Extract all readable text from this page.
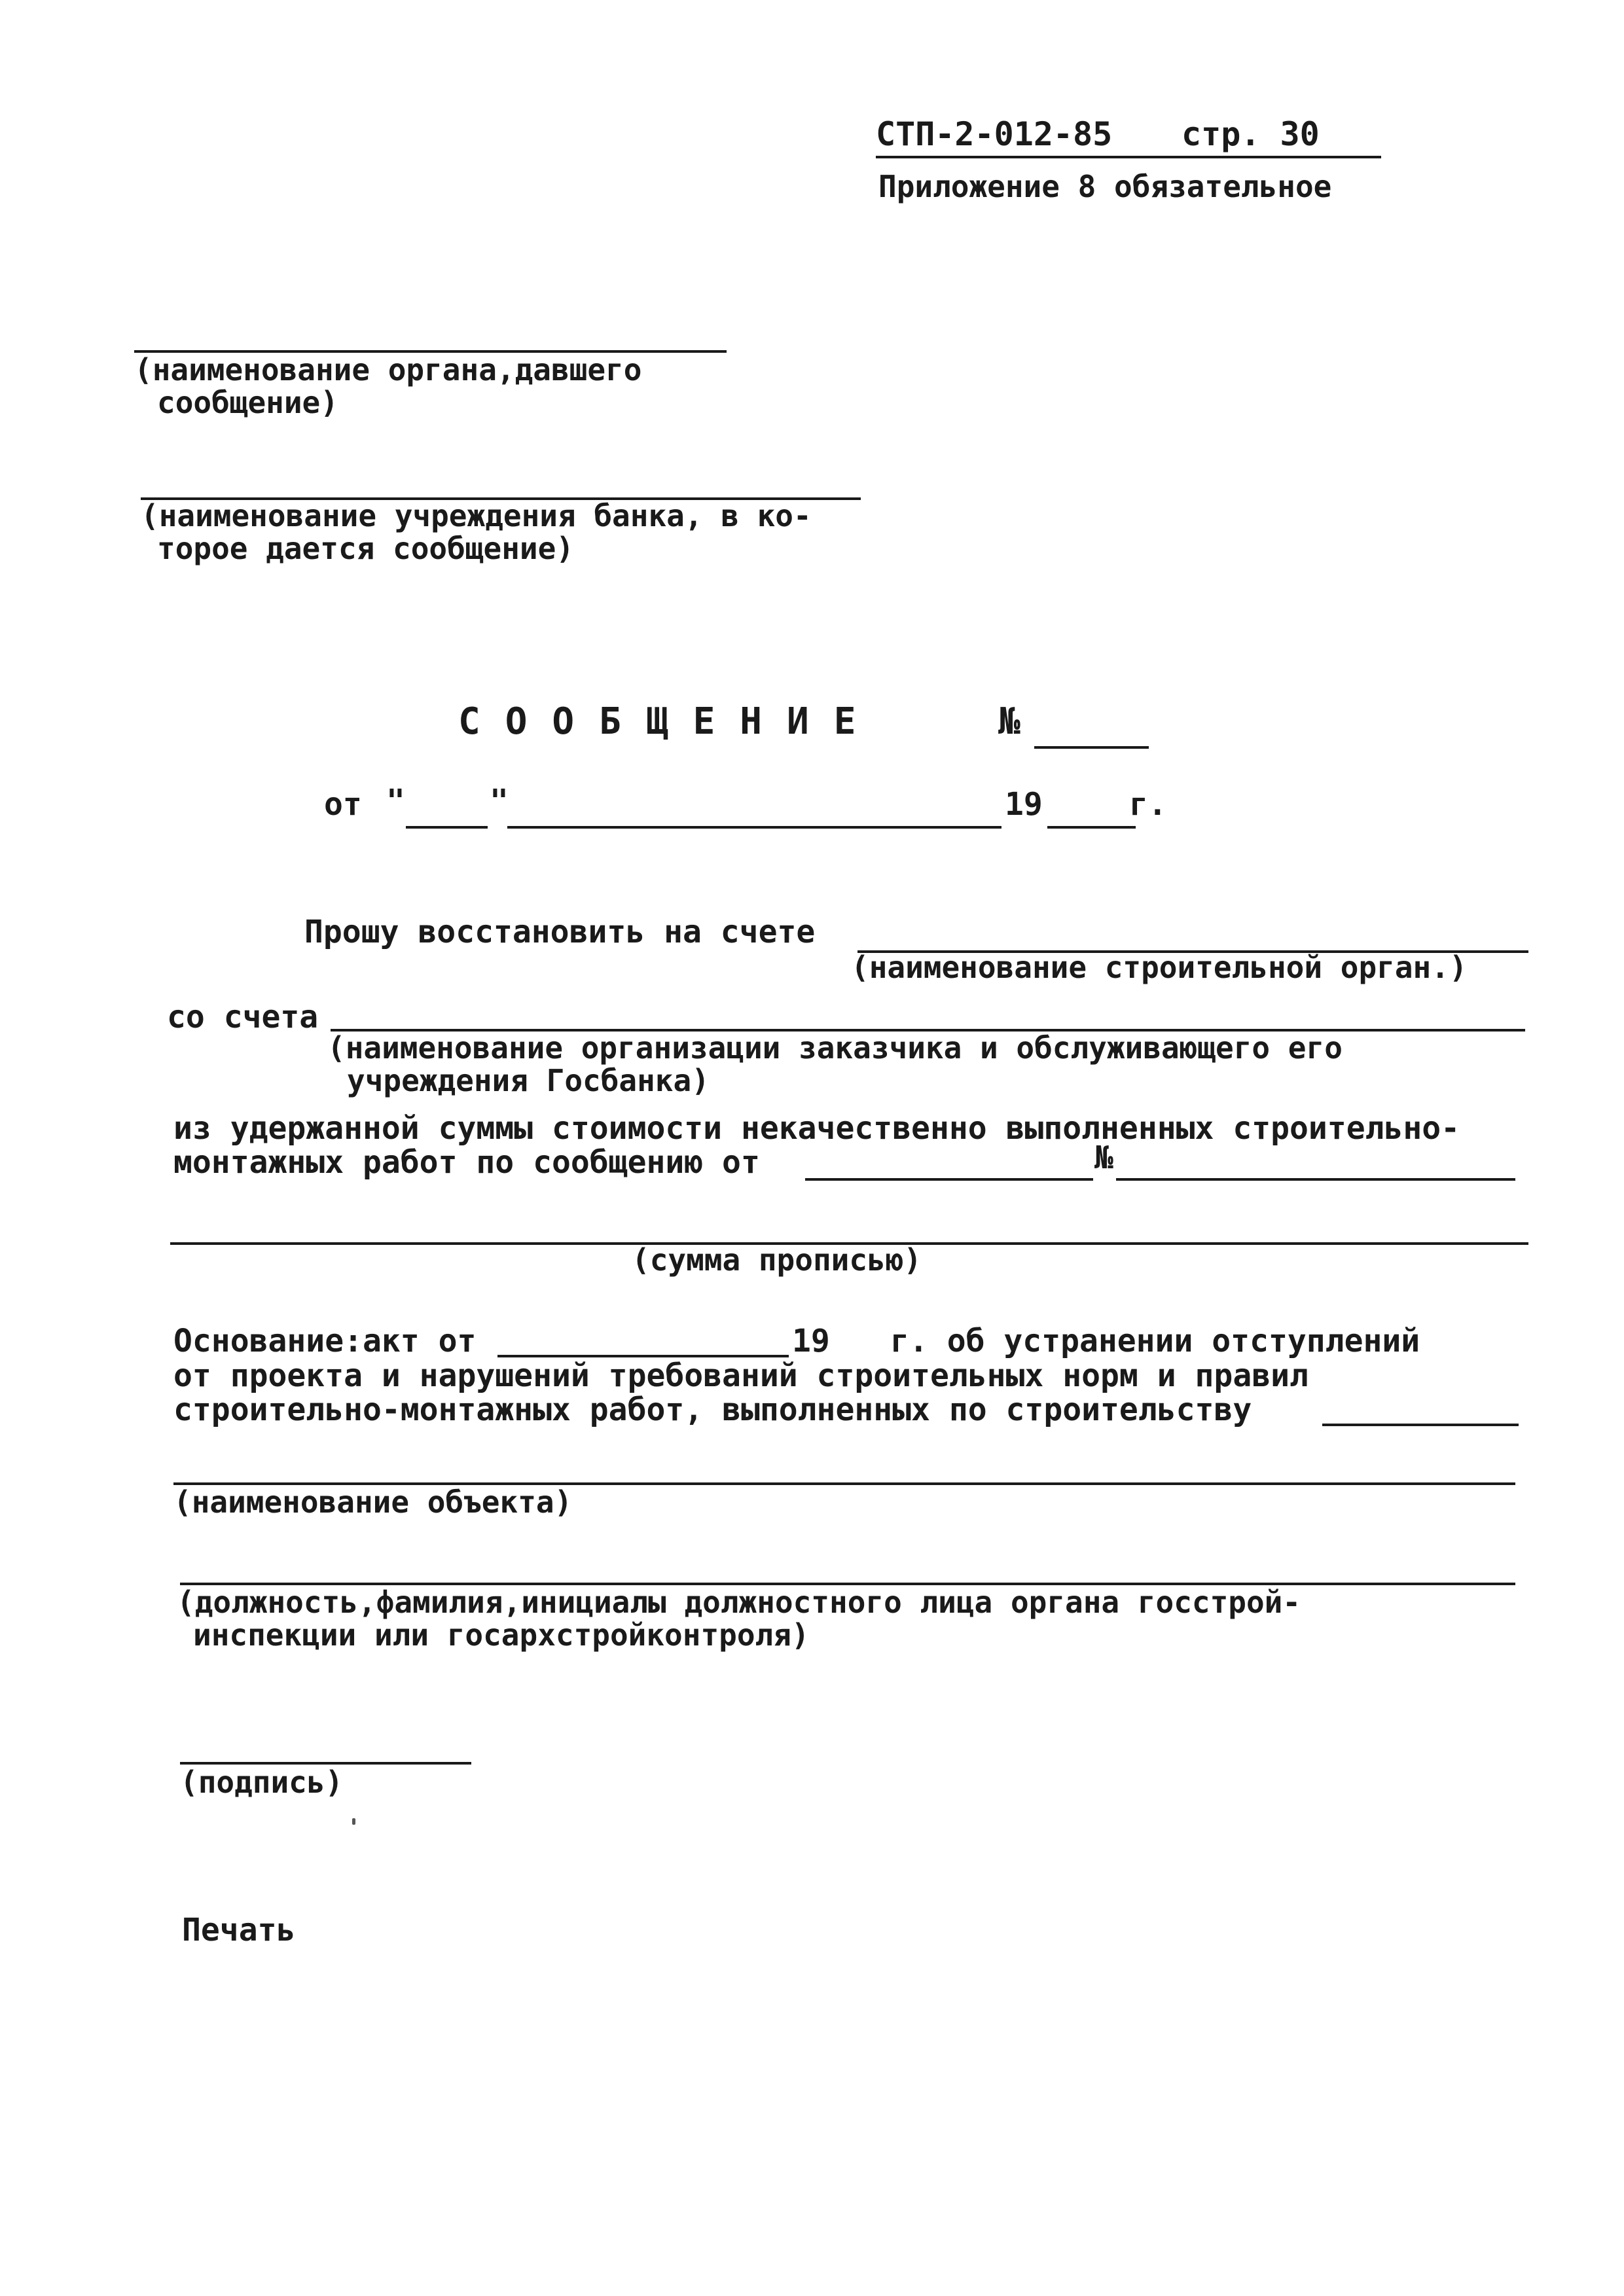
СТП-2-012-85 стр. 30
Приложение 8 обязательное
(наименование органа,давшего
сообщение)
(наименование учреждения банка, в ко-
торое дается сообщение)
СООБЩЕНИЕ	№
от "	"	19	г.
Прошу восстановить на счете
(наименование строительной орган.)
со счета
(наименование организации заказчика и обслуживающего его
учреждения Госбанка)
из удержанной суммы стоимости некачественно выполненных строительно-
монтажных работ по сообщению от	№
(сумма прописью)
Основание:акт от	19 г. об устранении отступлений
от проекта и нарушений требований строительных норм и правил
строительно-монтажных работ, выполненных по строительству
(наименование объекта)
(должность,фамилия,инициалы должностного лица органа госстрой-
инспекции или госархстройконтроля)
(подпись)
Печать
